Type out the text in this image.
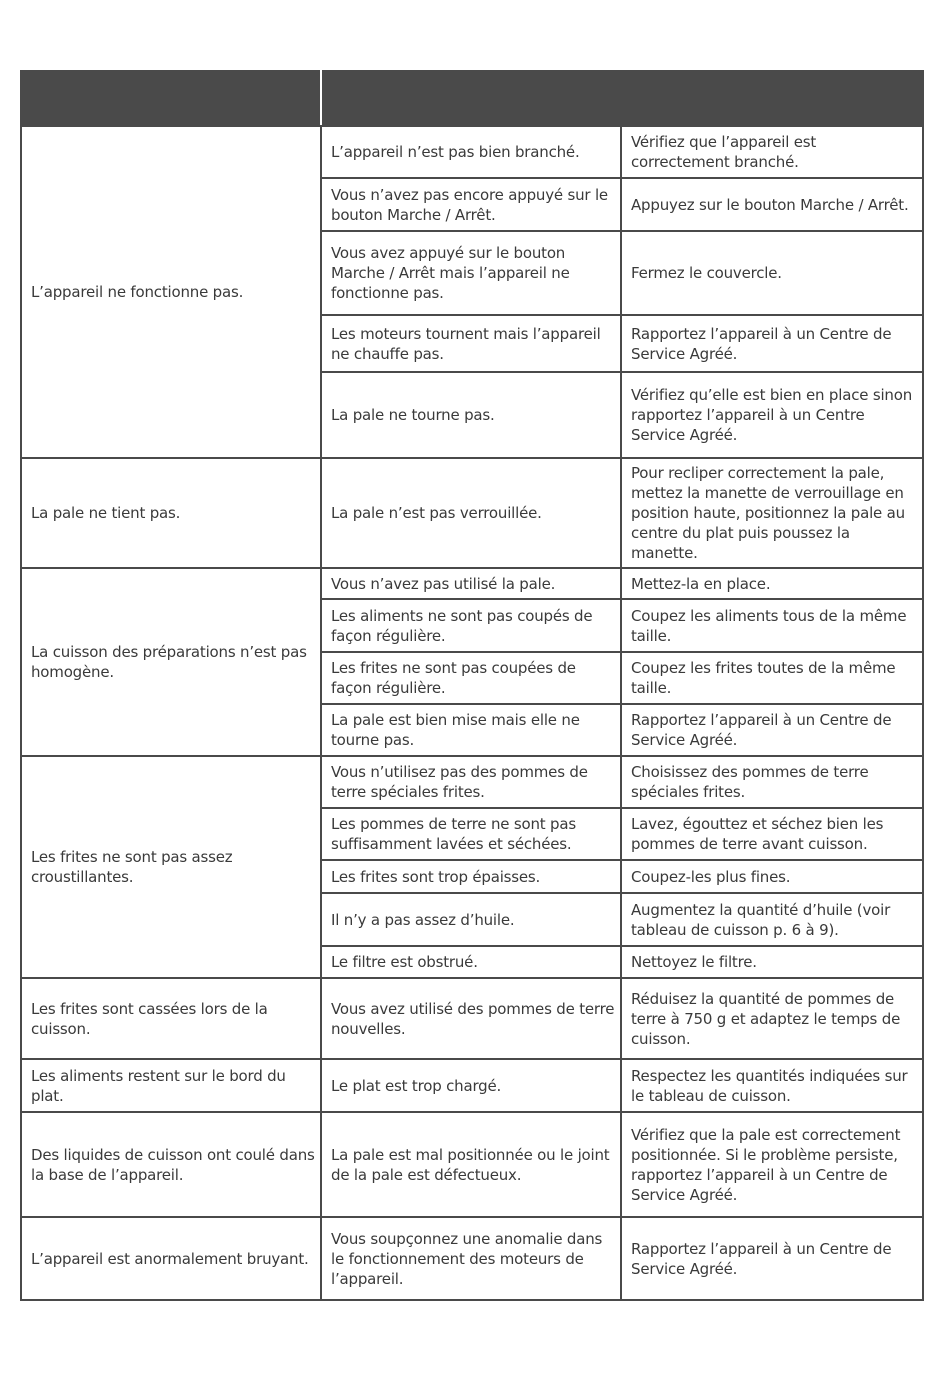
L’appareil ne fonctionne pas.	L’appareil n’est pas bien branché.	Vérifiez que l’appareil est correctement branché.
	Vous n’avez pas encore appuyé sur le bouton Marche / Arrêt.	Appuyez sur le bouton Marche / Arrêt.
	Vous avez appuyé sur le bouton Marche / Arrêt mais l’appareil ne fonctionne pas.	Fermez le couvercle.
	Les moteurs tournent mais l’appareil ne chauffe pas.	Rapportez l’appareil à un Centre de Service Agréé.
	La pale ne tourne pas.	Vérifiez qu’elle est bien en place sinon rapportez l’appareil à un Centre Service Agréé.
La pale ne tient pas.	La pale n’est pas verrouillée.	Pour recliper correctement la pale, mettez la manette de verrouillage en position haute, positionnez la pale au centre du plat puis poussez la manette.
La cuisson des préparations n’est pas homogène.	Vous n’avez pas utilisé la pale.	Mettez-la en place.
	Les aliments ne sont pas coupés de façon régulière.	Coupez les aliments tous de la même taille.
	Les frites ne sont pas coupées de façon régulière.	Coupez les frites toutes de la même taille.
	La pale est bien mise mais elle ne tourne pas.	Rapportez l’appareil à un Centre de Service Agréé.
Les frites ne sont pas assez croustillantes.	Vous n’utilisez pas des pommes de terre spéciales frites.	Choisissez des pommes de terre spéciales frites.
	Les pommes de terre ne sont pas suffisamment lavées et séchées.	Lavez, égouttez et séchez bien les pommes de terre avant cuisson.
	Les frites sont trop épaisses.	Coupez-les plus fines.
	Il n’y a pas assez d’huile.	Augmentez la quantité d’huile (voir tableau de cuisson p. 6 à 9).
	Le filtre est obstrué.	Nettoyez le filtre.
Les frites sont cassées lors de la cuisson.	Vous avez utilisé des pommes de terre nouvelles.	Réduisez la quantité de pommes de terre à 750 g et adaptez le temps de cuisson.
Les aliments restent sur le bord du plat.	Le plat est trop chargé.	Respectez les quantités indiquées sur le tableau de cuisson.
Des liquides de cuisson ont coulé dans la base de l’appareil.	La pale est mal positionnée ou le joint de la pale est défectueux.	Vérifiez que la pale est correctement positionnée. Si le problème persiste, rapportez l’appareil à un Centre de Service Agréé.
L’appareil est anormalement bruyant.	Vous soupçonnez une anomalie dans le fonctionnement des moteurs de l’appareil.	Rapportez l’appareil à un Centre de Service Agréé.
